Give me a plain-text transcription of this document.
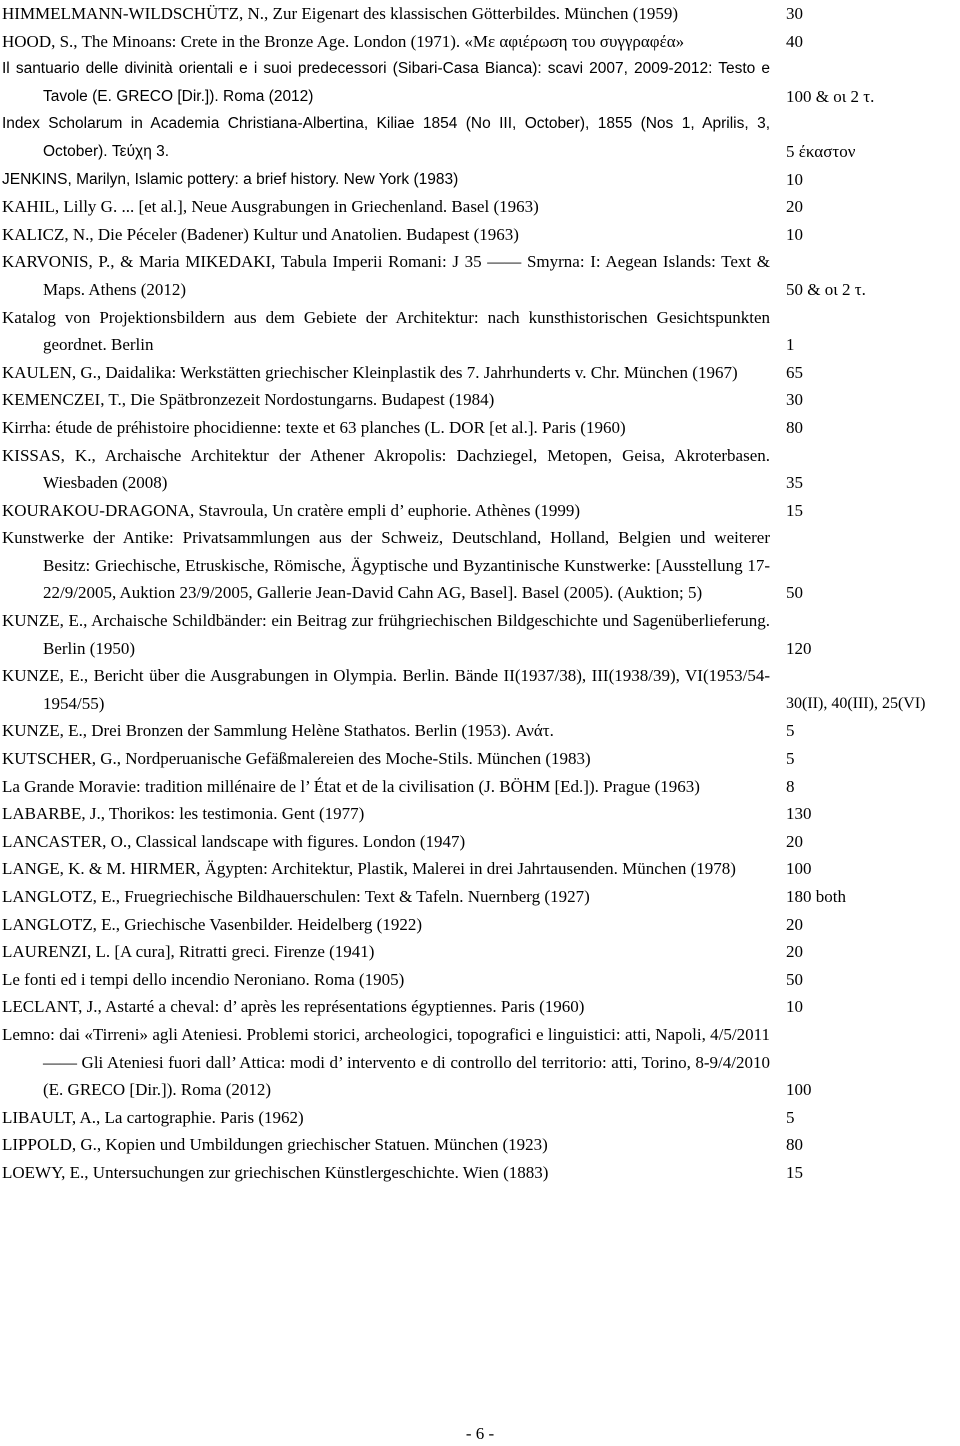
HIMMELMANN-WILDSCHÜTZ, N., Zur Eigenart des klassischen Götterbildes. München (1959)	30
HOOD, S., The Minoans: Crete in the Bronze Age. London (1971). «Με αφιέρωση του συγγραφέα»	40
Il santuario delle divinità orientali e i suoi predecessori (Sibari-Casa Bianca): scavi 2007, 2009-2012: Testo e Tavole (E. GRECO [Dir.]). Roma (2012)	100 & οι 2 τ.
Index Scholarum in Academia Christiana-Albertina, Kiliae 1854 (No III, October), 1855 (Nos 1, Aprilis, 3, October). Τεύχη 3.	5 έκαστον
JENKINS, Marilyn, Islamic pottery: a brief history. New York (1983)	10
KAHIL, Lilly G. ... [et al.], Neue Ausgrabungen in Griechenland. Basel (1963)	20
KALICZ, N., Die Péceler (Badener) Kultur und Anatolien. Budapest (1963)	10
KARVONIS, P., & Maria MIKEDAKI, Tabula Imperii Romani: J 35 —— Smyrna: I: Aegean Islands: Text & Maps. Athens (2012)	50 & οι 2 τ.
Katalog von Projektionsbildern aus dem Gebiete der Architektur: nach kunsthistorischen Gesichtspunkten geordnet. Berlin	1
KAULEN, G., Daidalika: Werkstätten griechischer Kleinplastik des 7. Jahrhunderts v. Chr. München (1967)	65
KEMENCZEI, T., Die Spätbronzezeit Nordostungarns. Budapest (1984)	30
Kirrha: étude de préhistoire phocidienne: texte et 63 planches (L. DOR [et al.]. Paris (1960)	80
KISSAS, K., Archaische Architektur der Athener Akropolis: Dachziegel, Metopen, Geisa, Akroterbasen. Wiesbaden (2008)	35
KOURAKOU-DRAGONA, Stavroula, Un cratère empli d’ euphorie. Athènes (1999)	15
Kunstwerke der Antike: Privatsammlungen aus der Schweiz, Deutschland, Holland, Belgien und weiterer Besitz: Griechische, Etruskische, Römische, Ägyptische und Byzantinische Kunstwerke: [Ausstellung 17-22/9/2005, Auktion 23/9/2005, Gallerie Jean-David Cahn AG, Basel]. Basel (2005). (Auktion; 5)	50
KUNZE, E., Archaische Schildbänder: ein Beitrag zur frühgriechischen Bildgeschichte und Sagenüberlieferung. Berlin (1950)	120
KUNZE, E., Bericht über die Ausgrabungen in Olympia. Berlin. Bände II(1937/38), III(1938/39), VI(1953/54-1954/55)	30(II), 40(III), 25(VI)
KUNZE, E., Drei Bronzen der Sammlung Helène Stathatos. Berlin (1953). Ανάτ.	5
KUTSCHER, G., Nordperuanische Gefäßmalereien des Moche-Stils. München (1983)	5
La Grande Moravie: tradition millénaire de l’ État et de la civilisation (J. BÖHM [Ed.]). Prague (1963)	8
LABARBE, J., Thorikos: les testimonia. Gent (1977)	130
LANCASTER, O., Classical landscape with figures. London (1947)	20
LANGE, K. & M. HIRMER, Ägypten: Architektur, Plastik, Malerei in drei Jahrtausenden. München (1978)	100
LANGLOTZ, E., Fruegriechische Bildhauerschulen: Text & Tafeln. Nuernberg (1927)	180 both
LANGLOTZ, E., Griechische Vasenbilder. Heidelberg (1922)	20
LAURENZI, L. [A cura], Ritratti greci. Firenze (1941)	20
Le fonti ed i tempi dello incendio Neroniano. Roma (1905)	50
LECLANT, J., Astarté a cheval: d’ après les représentations égyptiennes. Paris (1960)	10
Lemno: dai «Tirreni» agli Ateniesi. Problemi storici, archeologici, topografici e linguistici: atti, Napoli, 4/5/2011 —— Gli Ateniesi fuori dall’ Attica: modi d’ intervento e di controllo del territorio: atti, Torino, 8-9/4/2010 (E. GRECO [Dir.]). Roma (2012)	100
LIBAULT, A., La cartographie. Paris (1962)	5
LIPPOLD, G., Kopien und Umbildungen griechischer Statuen. München (1923)	80
LOEWY, E., Untersuchungen zur griechischen Künstlergeschichte. Wien (1883)	15
- 6 -
